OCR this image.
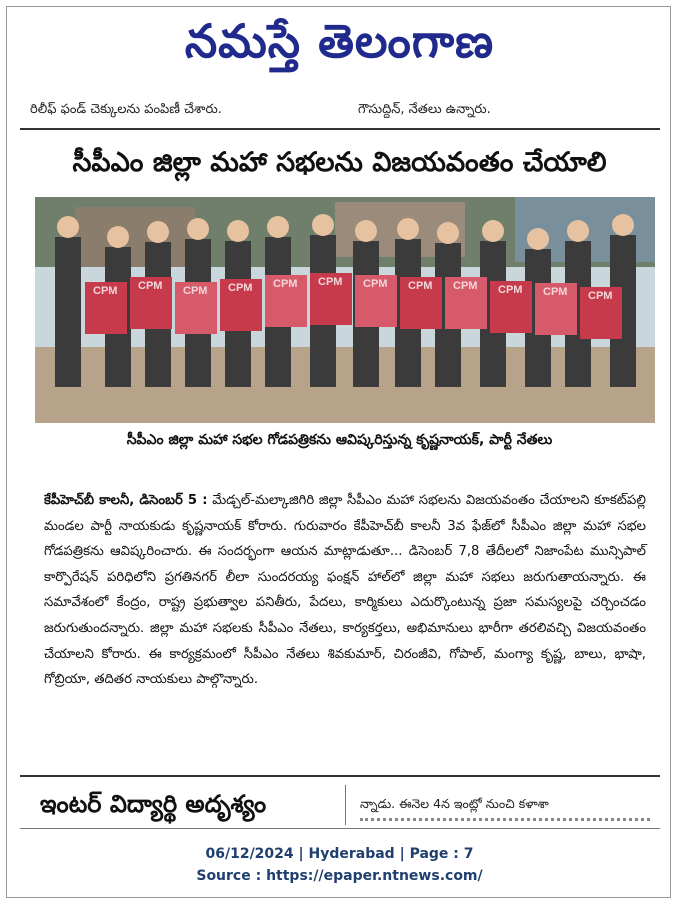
నమస్తే తెలంగాణ
రిలీఫ్ ఫండ్ చెక్కులను పంపిణీ చేశారు.	గౌసుద్దిన్, నేతలు ఉన్నారు.
సీపీఎం జిల్లా మహా సభలను విజయవంతం చేయాలి
CPM CPM CPM CPM CPM CPM CPM CPM CPM CPM CPM CPM
సీపీఎం జిల్లా మహా సభల గోడపత్రికను ఆవిష్కరిస్తున్న కృష్ణనాయక్, పార్టీ నేతలు
కేపీహెచ్‌బీ కాలనీ, డిసెంబర్ 5 : మేడ్చల్-మల్కాజిగిరి జిల్లా సీపీఎం మహా సభలను విజయవంతం చేయాలని కూకట్‌పల్లి మండల పార్టీ నాయకుడు కృష్ణనాయక్ కోరారు. గురువారం కేపీహెచ్‌బీ కాలనీ 3వ ఫేజ్‌లో సీపీఎం జిల్లా మహా సభల గోడపత్రికను ఆవిష్కరించారు. ఈ సందర్భంగా ఆయన మాట్లాడుతూ... డిసెంబర్ 7,8 తేదీలలో నిజాంపేట మున్సిపాల్ కార్పొరేషన్ పరిధిలోని ప్రగతినగర్ లీలా సుందరయ్య ఫంక్షన్ హాల్‌లో జిల్లా మహా సభలు జరుగుతాయన్నారు. ఈ సమావేశంలో కేంద్రం, రాష్ట్ర ప్రభుత్వాల పనితీరు, పేదలు, కార్మికులు ఎదుర్కొంటున్న ప్రజా సమస్యలపై చర్చించడం జరుగుతుందన్నారు. జిల్లా మహా సభలకు సీపీఎం నేతలు, కార్యకర్తలు, అభిమానులు భారీగా తరలివచ్చి విజయవంతం చేయాలని కోరారు. ఈ కార్యక్రమంలో సీపీఎం నేతలు శివకుమార్, చిరంజీవి, గోపాల్, మంగ్యా కృష్ణ, బాలు, భాషా, గోబ్రియా, తదితర నాయకులు పాల్గొన్నారు.
ఇంటర్ విద్యార్థి అదృశ్యం	న్నాడు. ఈనెల 4న ఇంట్లో నుంచి కళాశా
06/12/2024 | Hyderabad | Page : 7
Source : https://epaper.ntnews.com/
